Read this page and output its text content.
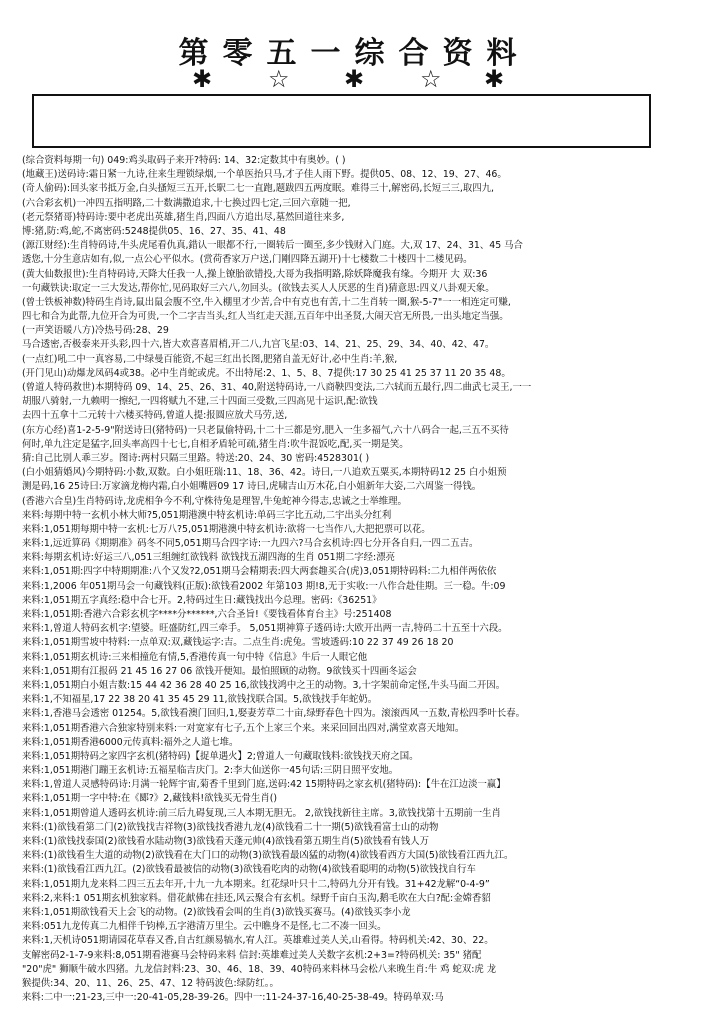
第零五一综合资料
✱ ☆ ✱ ☆ ✱
(综合资料每期一句) 049:鸡头取码子来开?特码: 14、32:定数其中有奥妙。( )
(地藏王)送码诗:霜日紧一九诗,往来生理锁绿烟,一个单医抬只马,才子佳人雨下野。提供05、08、12、19、27、46。
(奇人偷码):回头家书抵万金,白头搔短三五开,长駅二七一直跑,题跋四五两度眠。难得三十,解密码,长短三三,取四九,
(六合彩玄机)一冲四五指明路,二十数满撒追求,十七换过四七定,三回六章随一把,
(老元祭猪哥)特码诗:要中老虎出英雄,猪生肖,四面八方追出尽,墓然回道往来多,
博:猪,防:鸡,蛇,不离密码:5248提供05、16、27、35、41、48
(源江财经):生肖特码诗,牛头虎尾看仇真,錯认一眼都不行,一圈转后一圈至,多少钱财入门庭。大,双 17、24、31、45 马合
透您,十分生意店如有,似,一点公心平似水。(赏荷香家万户送,门剛四降五湖开)十七楼数二十楼四十二楼见码。
(黄大仙数报世):生肖特码诗,天降大任我一人,操上镣胎欲错投,大哥为我指明路,除妖降魔我有缘。今期开 大 双:36
一句藏铁诀:取定一三大发达,帮你忙,见码取好三六八,勿回头。(欲钱去买人人厌恶的生肖)猜意思:四义八卦观天象。
(曾士铁板神数)特码生肖诗,鼠出鼠会腹不空,牛入棚里才少苦,合中有克也有苦,十二生肖转一圈,猴-5-7"一一相连定可赚,
四七和合为此帮,九位开合为可贵,一个二字吉当头,红人当红走天涯,五百年中出圣贤,大闹天宫无所畏,一出头地定当强。
(一声笑语暖八方)冷热号码:28、29
马合透密,否极泰来开头彩,四十六,皆大欢喜喜眉梢,开二八,九宫飞星:03、14、21、25、29、34、40、42、47。
(一点红)吼二中一真容易,二中绿曼百能资,不起三红出长图,肥猪自盖无好计,必中生肖:羊,猴,
(开门见山)动爆龙凤码4或38。必中生肖蛇或虎。不出特尾:2、1、5、8、7提供:17 30 25 41 25 37 11 20 35 48。
(曾道人特码救世)本期特码 09、14、25、26、31、40,附送特码诗,一八商鞅四变法,二六轼而五最行,四二曲武七灵王,一一
胡服八骑射,一九赖明一擦纪,一四将赋九不建,三十四面三受数,三四高见十运识,配:欲钱
去四十五拿十二元转十六楼买特码,曾道人提:报圆应放犬马劳,送,
(东方心经)喜1-2-5-9"附送诗曰(猪特码)一只老鼠偷特码,十二十三都是穷,肥入一生多福气,六十八码合一起,三五不买待
何时,单九注定是猛字,回头率高四十七七,自相矛盾轮可疏,猪生肖:吹牛混饭吃,配,买一期是笑。
猜:自己比别人乖三岁。图诗:两村只隔三里路。特送:20、24、30 密码:4528301( )
(白小姐猜婚风)今期特码:小数,双数。白小姐旺瑞:11、18、36、42。诗曰,一八追欢五粟买,本期特码12 25 白小姐预
测是码,16 25诗曰:万家滴龙梅内霜,白小姐嘴唇09 17 诗曰,虎啸吉山万木花,白小姐新年大姿,二六周鉴一得钱。
(香港六合皇)生肖特码诗,龙虎相争今不利,守株待兔是理智,牛兔蛇神今得志,忠诚之士举维理。
来料:每期中特一玄机小林大师?5,051期港澳中特玄机诗:单码三字比五动,二宇出头分红利
来料:1,051期每期中特一玄机:七万八?5,051期港澳中特玄机诗:欲将一七当作八,大把把票可以花。
来料:1,远近算码《期期准》码冬不同5,051期马合四字诗:一九四六?马合玄机诗:四七分开各自归,一四二五吉。
来料:每期玄机诗:好运三八,051三组缠红欲钱料 欲钱找五湖四海的生肖 051期二字经:漂亮
来料:1,051期:四字中特期期准:八个又发?2,051期马会精期表:四大两套趣买合(虎)3,051期特码料:二九相伴两依依
来料:1,2006 年051期马会一句藏钱料(正版):欲钱看2002 年第103 期!8,无于实收:一八作合赴佳期。三一稳。牛:09
来料:1,051期五字真经:稳中合七开。2,特码过生日:藏钱找出今总理。密码:《36251》
来料:1,051期:香港六合彩玄机字****分******,六合圣旨!《要钱看体育台主》号:251408
来料:1,曾道人特码玄机字:望婆。旺盛防红,四三牵手。 5,051期神算子透码诗:大欧开出两一吉,特码二十五至十六段。
来料:1,051期雪坡中特料:一点单双:双,藏钱运字:吉。二点生肖:虎兔。雪坡透码:10 22 37 49 26 18 20
来料:1,051期玄机诗:三来相撞危有情,5,香港传真一句中特《信息》牛后一人眼它他
来料:1,051期有江报码 21 45 16 27 06 欲钱开便知。最怕照顾的动物。9欲钱买十四画冬运会
来料:1,051期白小姐吉数:15 44 42 36 28 40 25 16,欲钱找鸿中之王的动物。3,十字架前命定怪,牛头马面二开因。
来料:1,不知福星,17 22 38 20 41 35 45 29 11,欲钱找联合国。5,欲钱找手年蛇奶。
来料:1,香港马会透密 01254。5,欲钱看澳门回归,1,娶妻芳草二十亩,绿野春色十四为。滚滚西风一五数,青松四季叶长春。
来料:1,051期香港六合独家特别来料:一对宽家有七子,五个上家三个来。来采回回出四对,满堂欢喜天地知。
来料:1,051期香港6000元传真料:福外之人道七堆。
来料:1,051期特码之家四字玄机(猪特码)【捉单遇火】2;曾道人一句藏取钱料:欲钱找天府之国。
来料:1,051期港门蹦王玄机诗:五福星临吉庆门。2:李大仙送你一45句话:三阴日照平安地。
来料:1,曾道人灵感特码诗:月满一轮辉宇宙,菊香千里到门庭,送码:42 15期特码之家玄机(猪特码):【牛在江边淡一赢】
来料:1,051期一字中特:在《郾?》2,藏钱料!欲钱买无骨生肖()
来料:1,051期曾道人透码玄机诗:前三后九碍复现,三人本期无胆无。 2,欲钱找新往主席。3,欲钱找第十五期前一生肖
来料:(1)欲钱看第二门(2)欲钱找吉祥物(3)欲钱找香港九龙(4)欲钱看二十一期(5)欲钱看富士山的动物
来料:(1)欲钱找泰国(2)欲钱看水陆动物(3)欲钱看天蓬元帅(4)欲钱看第五期生肖(5)欲钱看有钱人万
来料:(1)欲钱看生大道的动物(2)欲钱看在大门口的动物(3)欲钱看最凶猛的动物(4)欲钱看西方大国(5)欲钱看江西九江。
来料:(1)欲钱看江西九江。(2)欲钱看最被信的动物(3)欲钱看吃肉的动物(4)欲钱看聪明的动物(5)欲钱找自行车
来料:1,051期九龙来料二四三五去年开,十九一九本期来。红花绿叶只十二,特码九分开有钱。31+42龙解“0-4-9”
来料:2,来料:1 051期玄机独家料。借花献佛在挂还,风云聚合有玄机。绿野千亩白玉沟,鹅毛吹在大白?配:金嫦香貂
来料:1,051期欲钱看天上会飞的动物。(2)欲钱看会叫的生肖(3)欲钱买赛马。(4)欲钱买李小龙
来料:051九龙传真二九相伴千钧棒,五字港清万里尘。云中瞧身不是怪,七二不凑一回头。
来料:1,天机诗051期请园花草春又香,自古红颜易犒水,宥人江。英雄难过美人关,山看得。特码机关:42、30、22。
支解密码2-1-7-9来料:8,051期看港赛马会特码来料 信封:英雄难过美人关数字玄机:2+3=?特码机关: 35" 猪配
"20"虎" 狮顺牛破水四猪。九龙信封料:23、30、46、18、39、40特码来料林马会松八来晚生肖:牛 鸡 蛇双:虎 龙
猴提供:34、20、11、26、25、47、12 特码波色:绿防红。。
来料:二中一:21-23,三中一:20-41-05,28-39-26。四中一:11-24-37-16,40-25-38-49。特码单双:马
